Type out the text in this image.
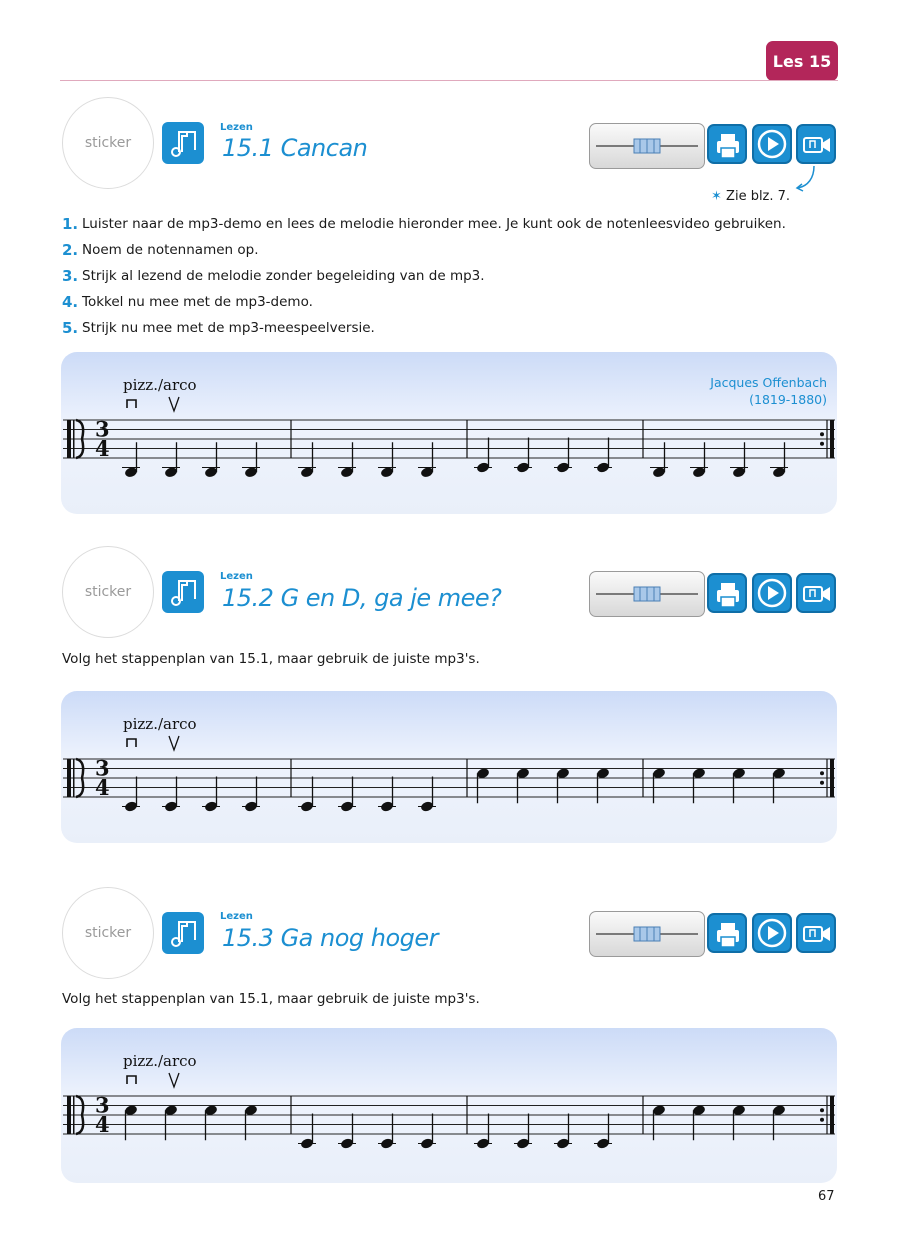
Les 15
sticker
Lezen
15.1 Cancan
✶ Zie blz. 7.
1. Luister naar de mp3-demo en lees de melodie hieronder mee. Je kunt ook de notenleesvideo gebruiken.
2. Noem de notennamen op.
3. Strijk al lezend de melodie zonder begeleiding van de mp3.
4. Tokkel nu mee met de mp3-demo.
5. Strijk nu mee met de mp3-meespeelversie.
Jacques Offenbach
(1819-1880)
3
4
pizz./arco
sticker
Lezen
15.2 G en D, ga je mee?
Volg het stappenplan van 15.1, maar gebruik de juiste mp3's.
3
4
pizz./arco
sticker
Lezen
15.3 Ga nog hoger
Volg het stappenplan van 15.1, maar gebruik de juiste mp3's.
3
4
pizz./arco
67
